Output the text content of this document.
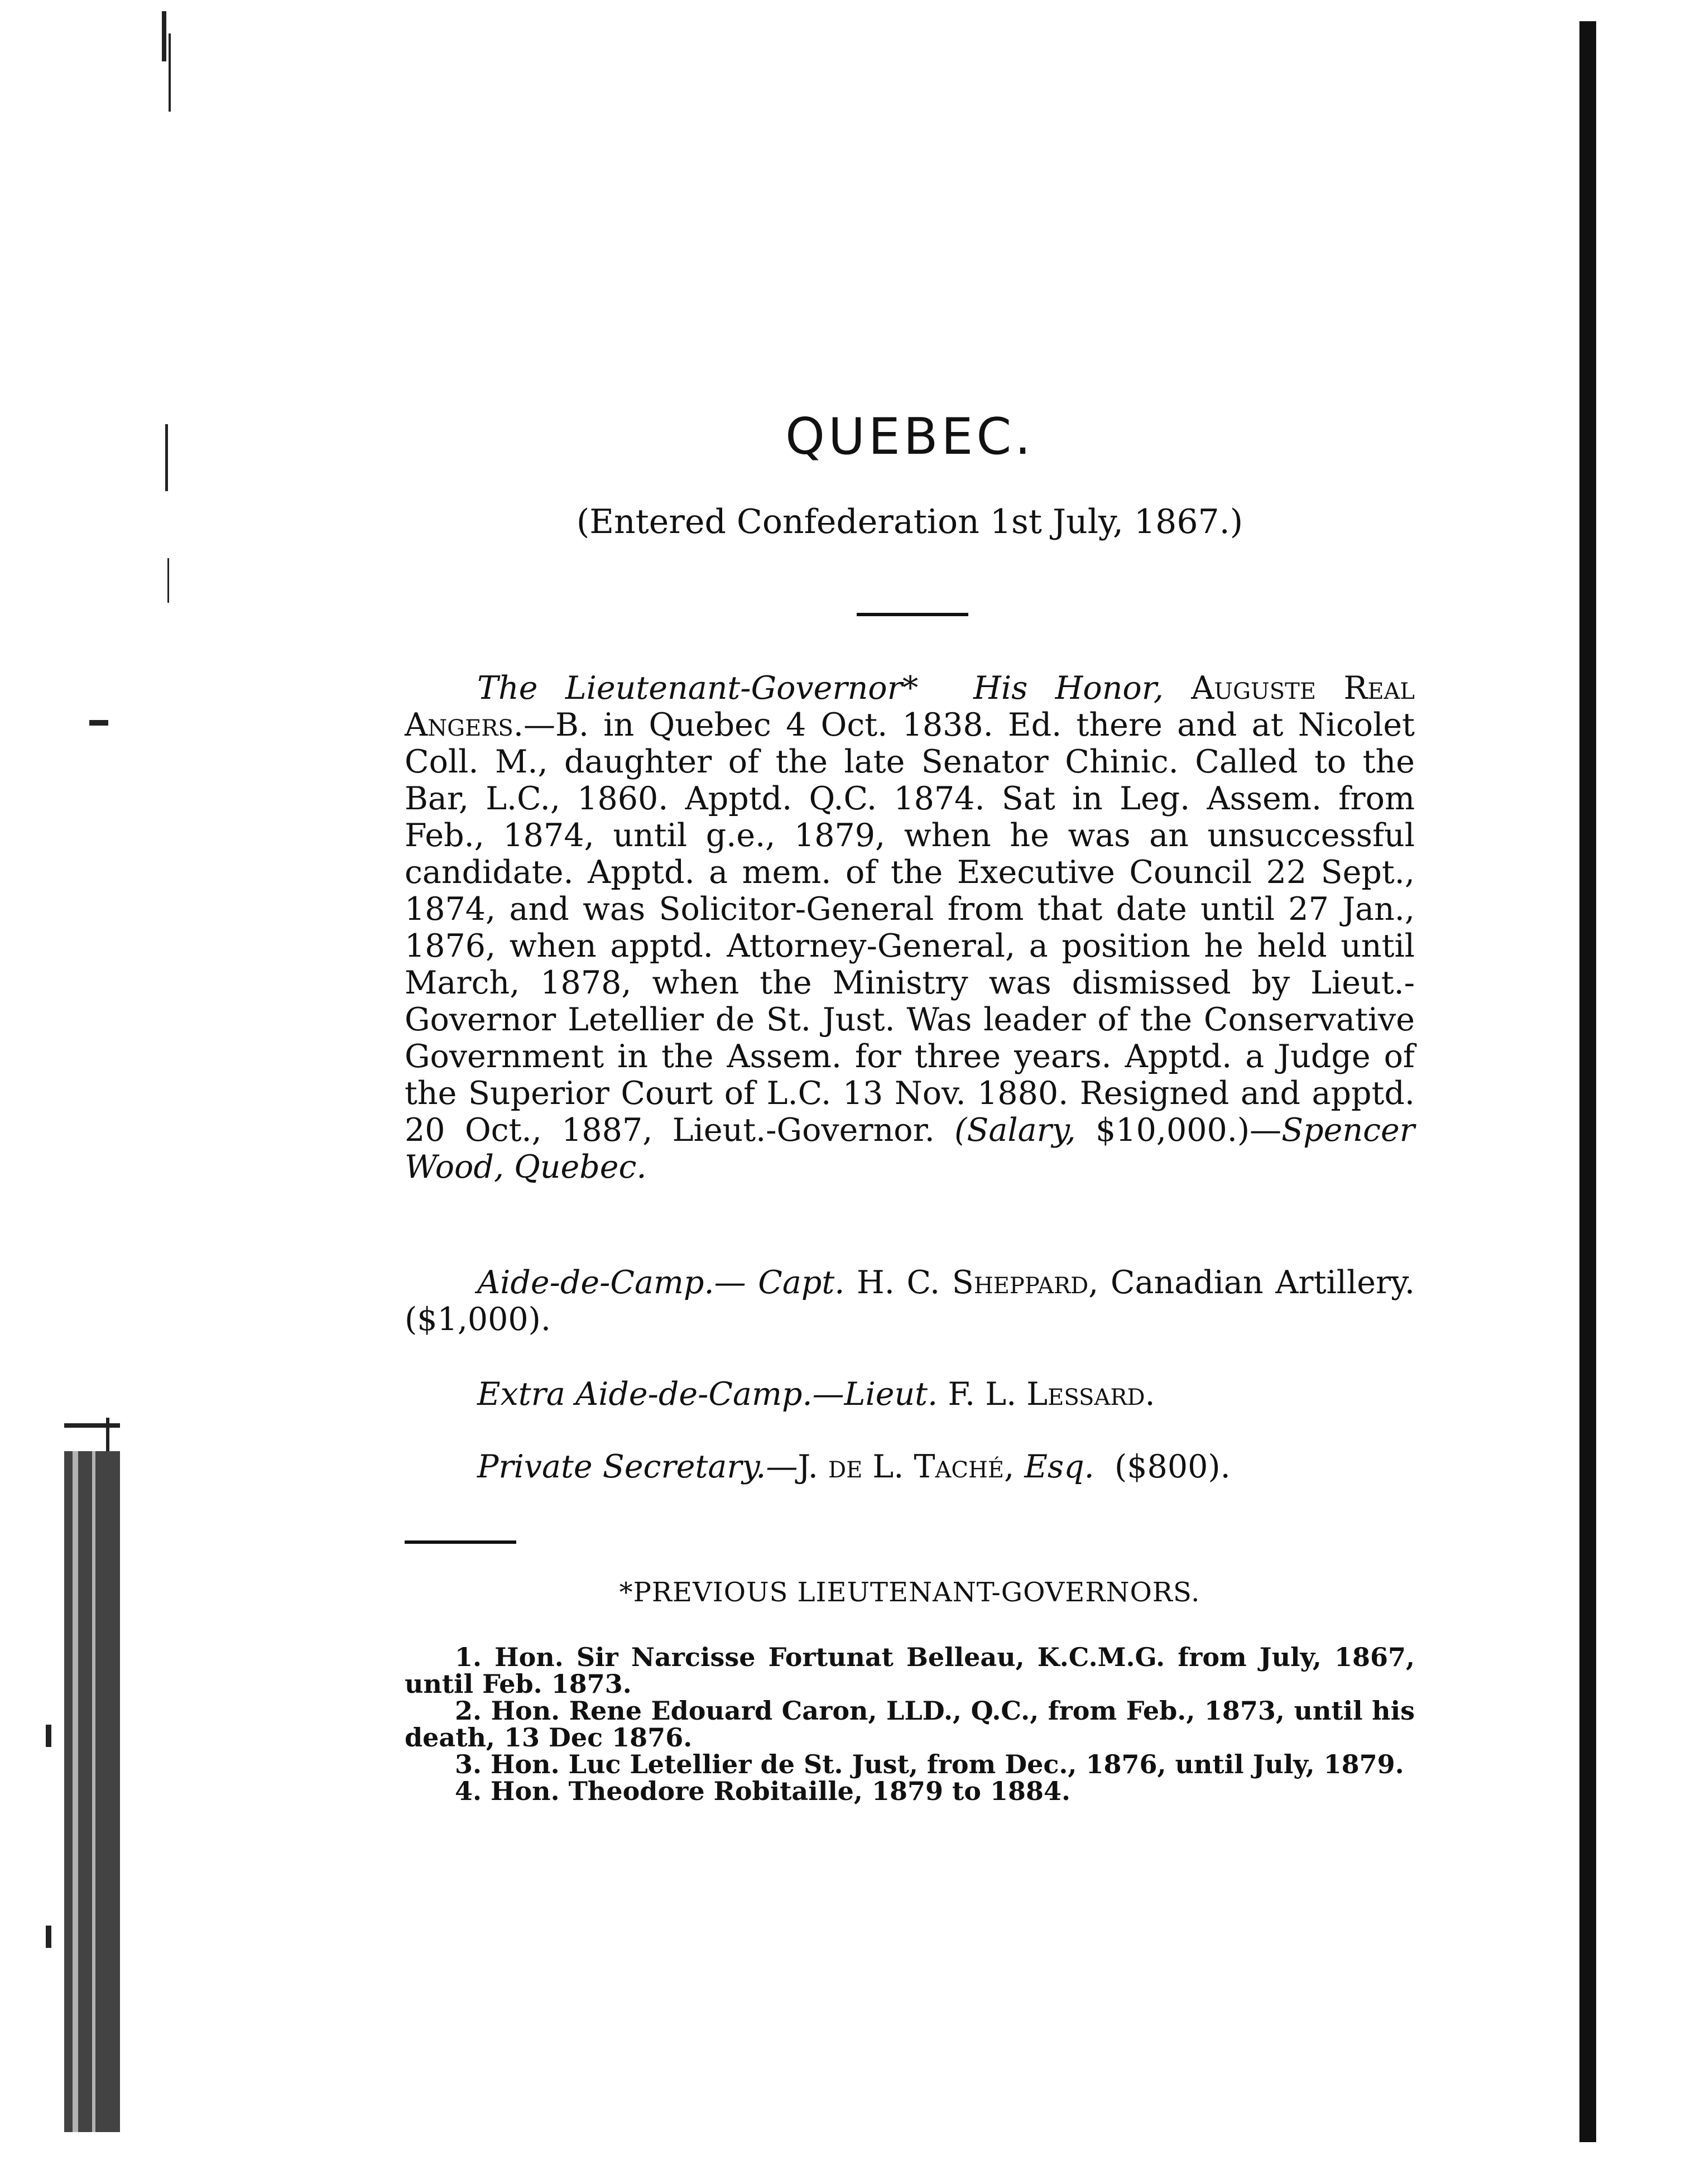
QUEBEC.
(Entered Confederation 1st July, 1867.)

The Lieutenant-Governor* His Honor, Auguste Real Angers.—B. in Quebec 4 Oct. 1838. Ed. there and at Nicolet Coll. M., daughter of the late Senator Chinic. Called to the Bar, L.C., 1860. Apptd. Q.C. 1874. Sat in Leg. Assem. from Feb., 1874, until g.e., 1879, when he was an unsuccessful candidate. Apptd. a mem. of the Executive Council 22 Sept., 1874, and was Solicitor-General from that date until 27 Jan., 1876, when apptd. Attorney-General, a position he held until March, 1878, when the Ministry was dismissed by Lieut.-Governor Letellier de St. Just. Was leader of the Conservative Government in the Assem. for three years. Apptd. a Judge of the Superior Court of L.C. 13 Nov. 1880. Resigned and apptd. 20 Oct., 1887, Lieut.-Governor. (Salary, $10,000.)—Spencer Wood, Quebec.

Aide-de-Camp.— Capt. H. C. Sheppard, Canadian Artillery. ($1,000).

Extra Aide-de-Camp.—Lieut. F. L. Lessard.

Private Secretary.—J. de L. Taché, Esq. ($800).

*PREVIOUS LIEUTENANT-GOVERNORS.
1. Hon. Sir Narcisse Fortunat Belleau, K.C.M.G. from July, 1867, until Feb. 1873.
2. Hon. Rene Edouard Caron, LLD., Q.C., from Feb., 1873, until his death, 13 Dec 1876.
3. Hon. Luc Letellier de St. Just, from Dec., 1876, until July, 1879.
4. Hon. Theodore Robitaille, 1879 to 1884.
